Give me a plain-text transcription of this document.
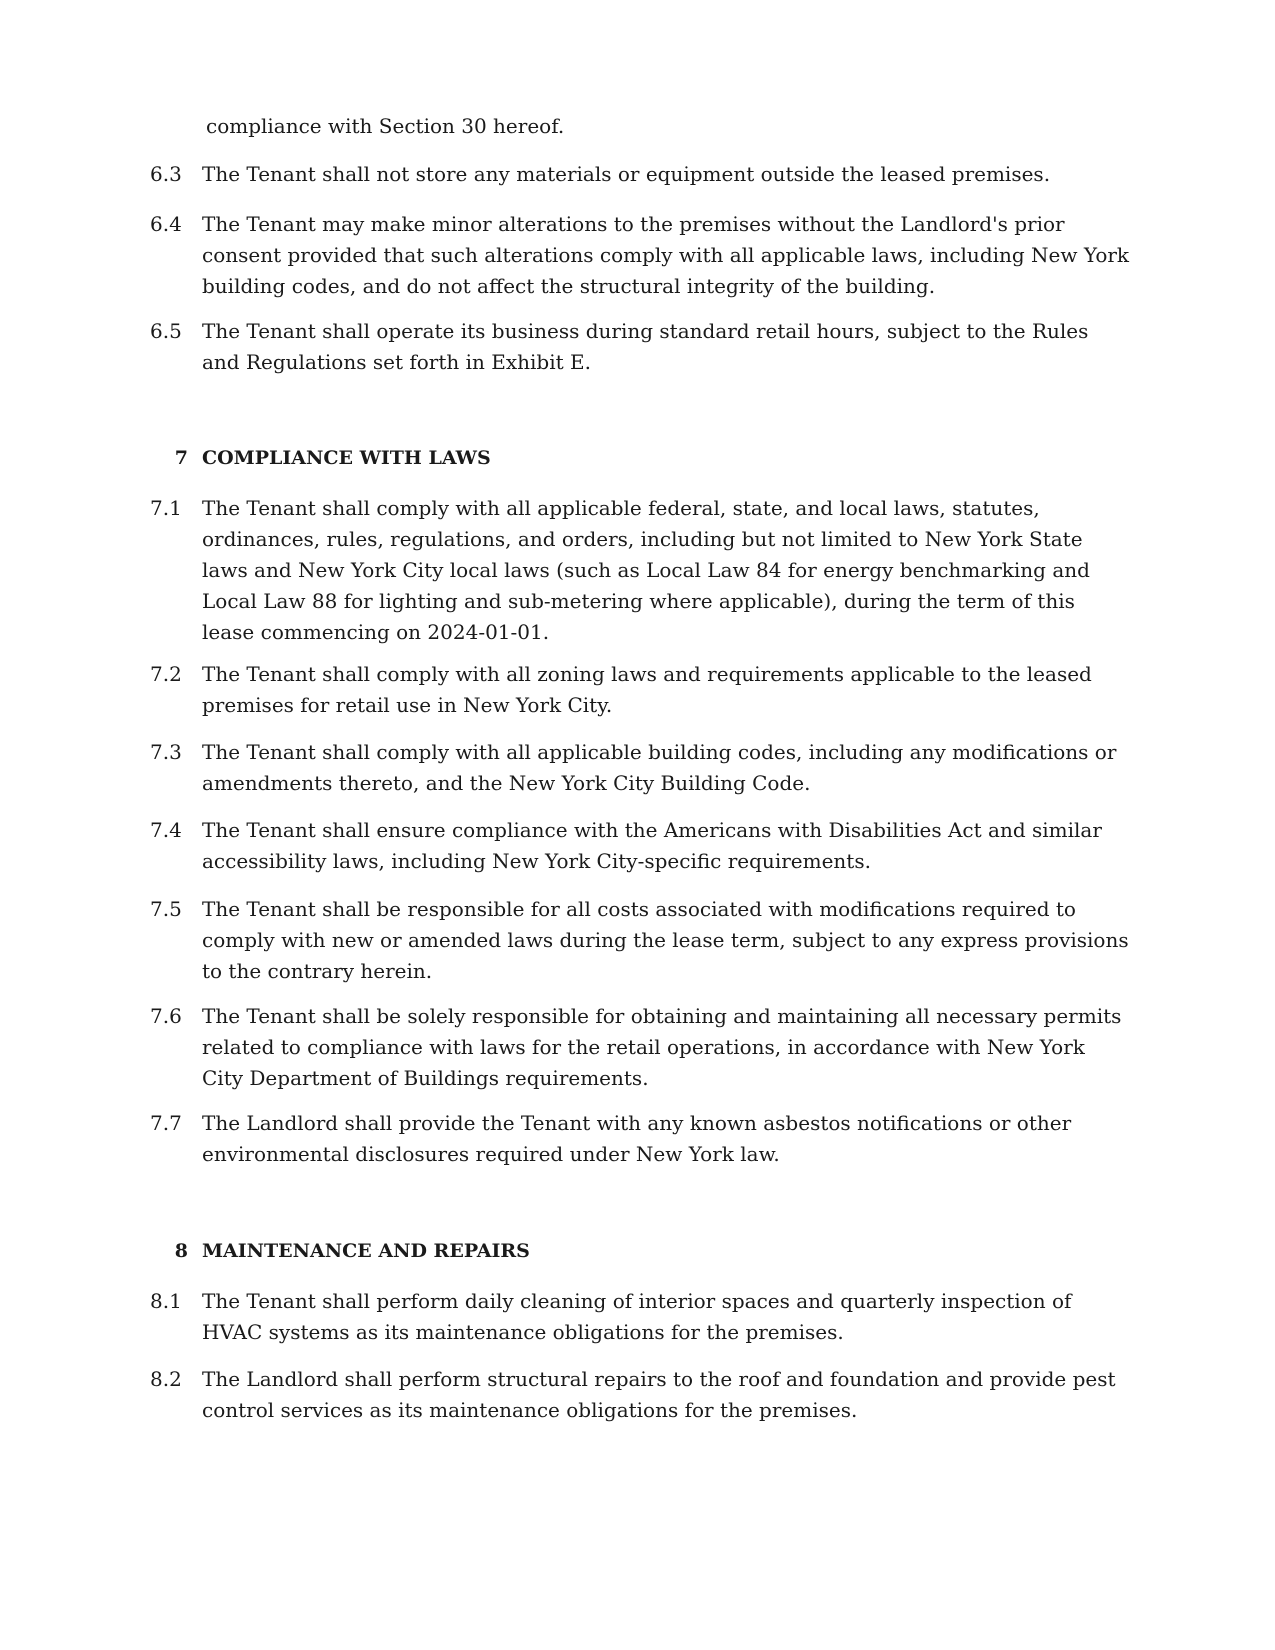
compliance with Section 30 hereof.
6.3	The Tenant shall not store any materials or equipment outside the leased premises.
6.4	The Tenant may make minor alterations to the premises without the Landlord's prior consent provided that such alterations comply with all applicable laws, including New York building codes, and do not affect the structural integrity of the building.
6.5	The Tenant shall operate its business during standard retail hours, subject to the Rules and Regulations set forth in Exhibit E.
7 COMPLIANCE WITH LAWS
7.1	The Tenant shall comply with all applicable federal, state, and local laws, statutes, ordinances, rules, regulations, and orders, including but not limited to New York State laws and New York City local laws (such as Local Law 84 for energy benchmarking and Local Law 88 for lighting and sub-metering where applicable), during the term of this lease commencing on 2024-01-01.
7.2	The Tenant shall comply with all zoning laws and requirements applicable to the leased premises for retail use in New York City.
7.3	The Tenant shall comply with all applicable building codes, including any modifications or amendments thereto, and the New York City Building Code.
7.4	The Tenant shall ensure compliance with the Americans with Disabilities Act and similar accessibility laws, including New York City-specific requirements.
7.5	The Tenant shall be responsible for all costs associated with modifications required to comply with new or amended laws during the lease term, subject to any express provisions to the contrary herein.
7.6	The Tenant shall be solely responsible for obtaining and maintaining all necessary permits related to compliance with laws for the retail operations, in accordance with New York City Department of Buildings requirements.
7.7	The Landlord shall provide the Tenant with any known asbestos notifications or other environmental disclosures required under New York law.
8 MAINTENANCE AND REPAIRS
8.1	The Tenant shall perform daily cleaning of interior spaces and quarterly inspection of HVAC systems as its maintenance obligations for the premises.
8.2	The Landlord shall perform structural repairs to the roof and foundation and provide pest control services as its maintenance obligations for the premises.
